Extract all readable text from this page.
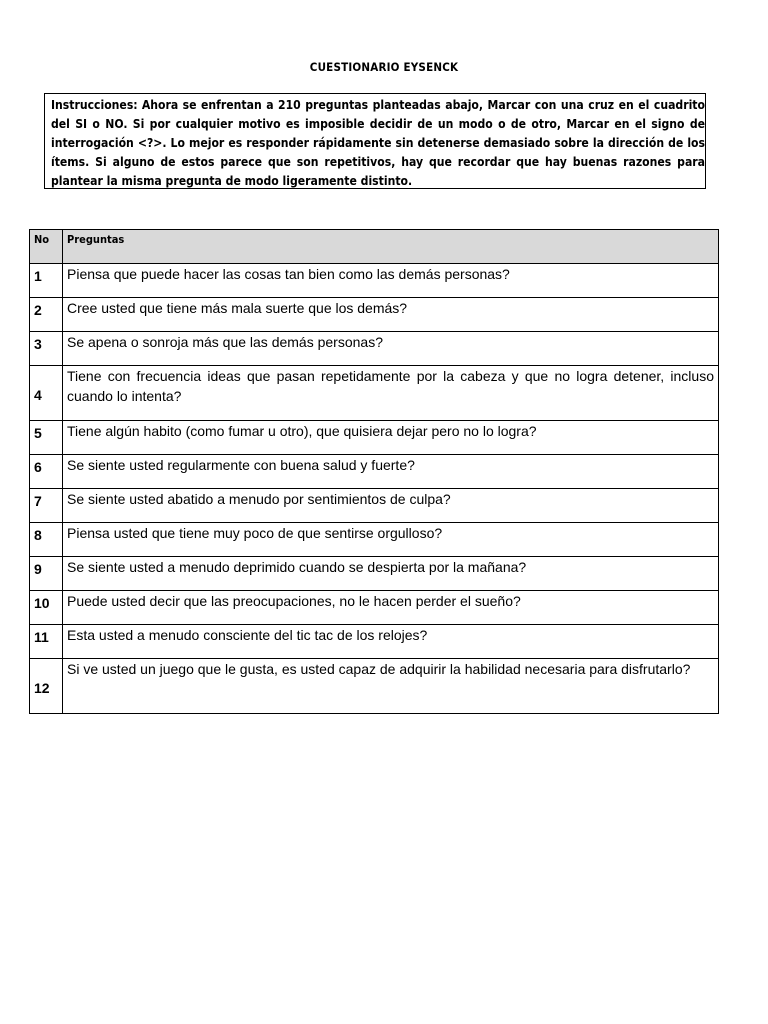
CUESTIONARIO EYSENCK
Instrucciones: Ahora se enfrentan a 210 preguntas planteadas abajo, Marcar con una cruz en el cuadrito del SI o NO. Si por cualquier motivo es imposible decidir de un modo o de otro, Marcar en el signo de interrogación <?>. Lo mejor es responder rápidamente sin detenerse demasiado sobre la dirección de los ítems. Si alguno de estos parece que son repetitivos, hay que recordar que hay buenas razones para plantear la misma pregunta de modo ligeramente distinto.
No	Preguntas
1	Piensa que puede hacer las cosas tan bien como las demás personas?
2	Cree usted que tiene más mala suerte que los demás?
3	Se apena o sonroja más que las demás personas?
4	Tiene con frecuencia ideas que pasan repetidamente por la cabeza y que no logra detener, incluso cuando lo intenta?
5	Tiene algún habito (como fumar u otro), que quisiera dejar pero no lo logra?
6	Se siente usted regularmente con buena salud y fuerte?
7	Se siente usted abatido a menudo por sentimientos de culpa?
8	Piensa usted que tiene muy poco de que sentirse orgulloso?
9	Se siente usted a menudo deprimido cuando se despierta por la mañana?
10	Puede usted decir que las preocupaciones, no le hacen perder el sueño?
11	Esta usted a menudo consciente del tic tac de los relojes?
12	Si ve usted un juego que le gusta, es usted capaz de adquirir la habilidad necesaria para disfrutarlo?
